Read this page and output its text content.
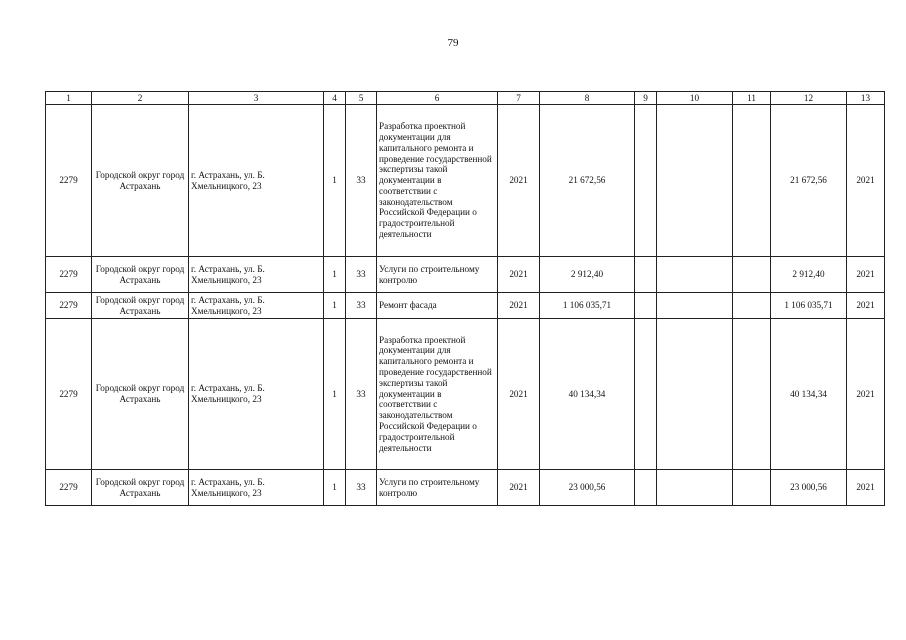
79
1	2	3	4	5	6	7	8	9	10	11	12	13
2279	Городской округ город Астрахань	г. Астрахань, ул. Б. Хмельницкого, 23	1	33	Разработка проектной документации для капитального ремонта и проведение государственной экспертизы такой документации в соответствии с законодательством Российской Федерации о градостроительной деятельности	2021	21 672,56				21 672,56	2021
2279	Городской округ город Астрахань	г. Астрахань, ул. Б. Хмельницкого, 23	1	33	Услуги по строительному контролю	2021	2 912,40				2 912,40	2021
2279	Городской округ город Астрахань	г. Астрахань, ул. Б. Хмельницкого, 23	1	33	Ремонт фасада	2021	1 106 035,71				1 106 035,71	2021
2279	Городской округ город Астрахань	г. Астрахань, ул. Б. Хмельницкого, 23	1	33	Разработка проектной документации для капитального ремонта и проведение государственной экспертизы такой документации в соответствии с законодательством Российской Федерации о градостроительной деятельности	2021	40 134,34				40 134,34	2021
2279	Городской округ город Астрахань	г. Астрахань, ул. Б. Хмельницкого, 23	1	33	Услуги по строительному контролю	2021	23 000,56				23 000,56	2021
